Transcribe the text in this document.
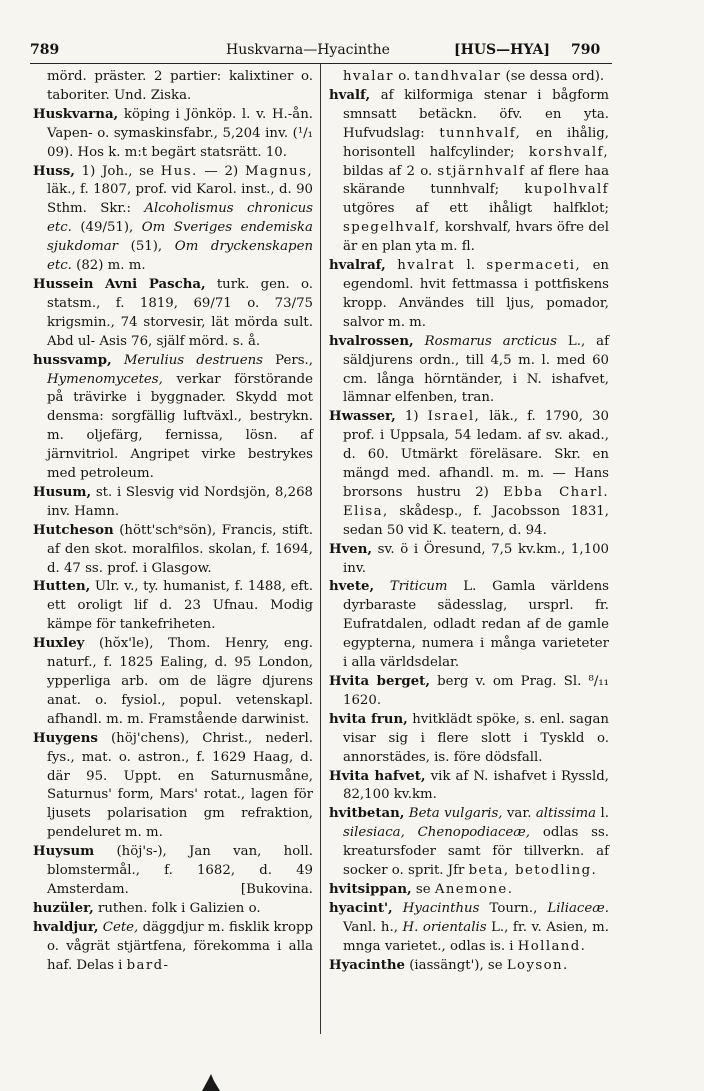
789	Huskvarna—Hyacinthe	[HUS—HYA] 790

mörd. präster. 2 partier: kalixtiner o. taboriter. Und. Ziska.

Huskvarna, köping i Jönköp. l. v. H.-ån. Vapen- o. symaskinsfabr., 5,204 inv. (¹/₁ 09). Hos k. m:t begärt statsrätt. 10.

Huss, 1) Joh., se Hus. — 2) Magnus, läk., f. 1807, prof. vid Karol. inst., d. 90 Sthm. Skr.: Alcoholismus chronicus etc. (49/51), Om Sveriges endemiska sjukdomar (51), Om dryckenskapen etc. (82) m. m.

Hussein Avni Pascha, turk. gen. o. statsm., f. 1819, 69/71 o. 73/75 krigsmin., 74 storvesir, lät mörda sult. Abd ul- Asis 76, själf mörd. s. å.

hussvamp, Merulius destruens Pers., Hymenomycetes, verkar förstörande på trävirke i byggnader. Skydd mot densma: sorgfällig luftväxl., bestrykn. m. oljefärg, fernissa, lösn. af järnvitriol. Angripet virke bestrykes med petroleum.

Husum, st. i Slesvig vid Nordsjön, 8,268 inv. Hamn.

Hutcheson (hött'schᵉsön), Francis, stift. af den skot. moralfilos. skolan, f. 1694, d. 47 ss. prof. i Glasgow.

Hutten, Ulr. v., ty. humanist, f. 1488, eft. ett oroligt lif d. 23 Ufnau. Modig kämpe för tankefriheten.

Huxley (hŏx'le), Thom. Henry, eng. naturf., f. 1825 Ealing, d. 95 London, ypperliga arb. om de lägre djurens anat. o. fysiol., popul. vetenskapl. afhandl. m. m. Framstående darwinist.

Huygens (höj'chens), Christ., nederl. fys., mat. o. astron., f. 1629 Haag, d. där 95. Uppt. en Saturnusmåne, Saturnus' form, Mars' rotat., lagen för ljusets polarisation gm refraktion, pendeluret m. m.

Huysum (höj's-), Jan van, holl. blomstermål., f. 1682, d. 49 Amsterdam.	[Bukovina.

huzüler, ruthen. folk i Galizien o.

hvaldjur, Cete, däggdjur m. fisklik kropp o. vågrät stjärtfena, förekomma i alla haf. Delas i bard-

hvalar o. tandhvalar (se dessa ord).

hvalf, af kilformiga stenar i bågform smnsatt betäckn. öfv. en yta. Hufvudslag: tunnhvalf, en ihålig, horisontell halfcylinder; korshvalf, bildas af 2 o. stjärnhvalf af flere haa skärande tunnhvalf; kupolhvalf utgöres af ett ihåligt halfklot; spegelhvalf, korshvalf, hvars öfre del är en plan yta m. fl.

hvalraf, hvalrat l. spermaceti, en egendoml. hvit fettmassa i pottfiskens kropp. Användes till ljus, pomador, salvor m. m.

hvalrossen, Rosmarus arcticus L., af säldjurens ordn., till 4,5 m. l. med 60 cm. långa hörntänder, i N. ishafvet, lämnar elfenben, tran.

Hwasser, 1) Israel, läk., f. 1790, 30 prof. i Uppsala, 54 ledam. af sv. akad., d. 60. Utmärkt föreläsare. Skr. en mängd med. afhandl. m. m. — Hans brorsons hustru 2) Ebba Charl. Elisa, skådesp., f. Jacobsson 1831, sedan 50 vid K. teatern, d. 94.

Hven, sv. ö i Öresund, 7,5 kv.km., 1,100 inv.

hvete, Triticum L. Gamla världens dyrbaraste sädesslag, ursprl. fr. Eufratdalen, odladt redan af de gamle egypterna, numera i många varieteter i alla världsdelar.

Hvita berget, berg v. om Prag. Sl. ⁸/₁₁ 1620.

hvita frun, hvitklädt spöke, s. enl. sagan visar sig i flere slott i Tyskld o. annorstädes, is. före dödsfall.

Hvita hafvet, vik af N. ishafvet i Ryssld, 82,100 kv.km.

hvitbetan, Beta vulgaris, var. altissima l. silesiaca, Chenopodiaceæ, odlas ss. kreatursfoder samt för tillverkn. af socker o. sprit. Jfr beta, betodling.

hvitsippan, se Anemone.

hyacint', Hyacinthus Tourn., Liliaceæ. Vanl. h., H. orientalis L., fr. v. Asien, m. mnga varietet., odlas is. i Holland.

Hyacinthe (iassängt'), se Loyson.
